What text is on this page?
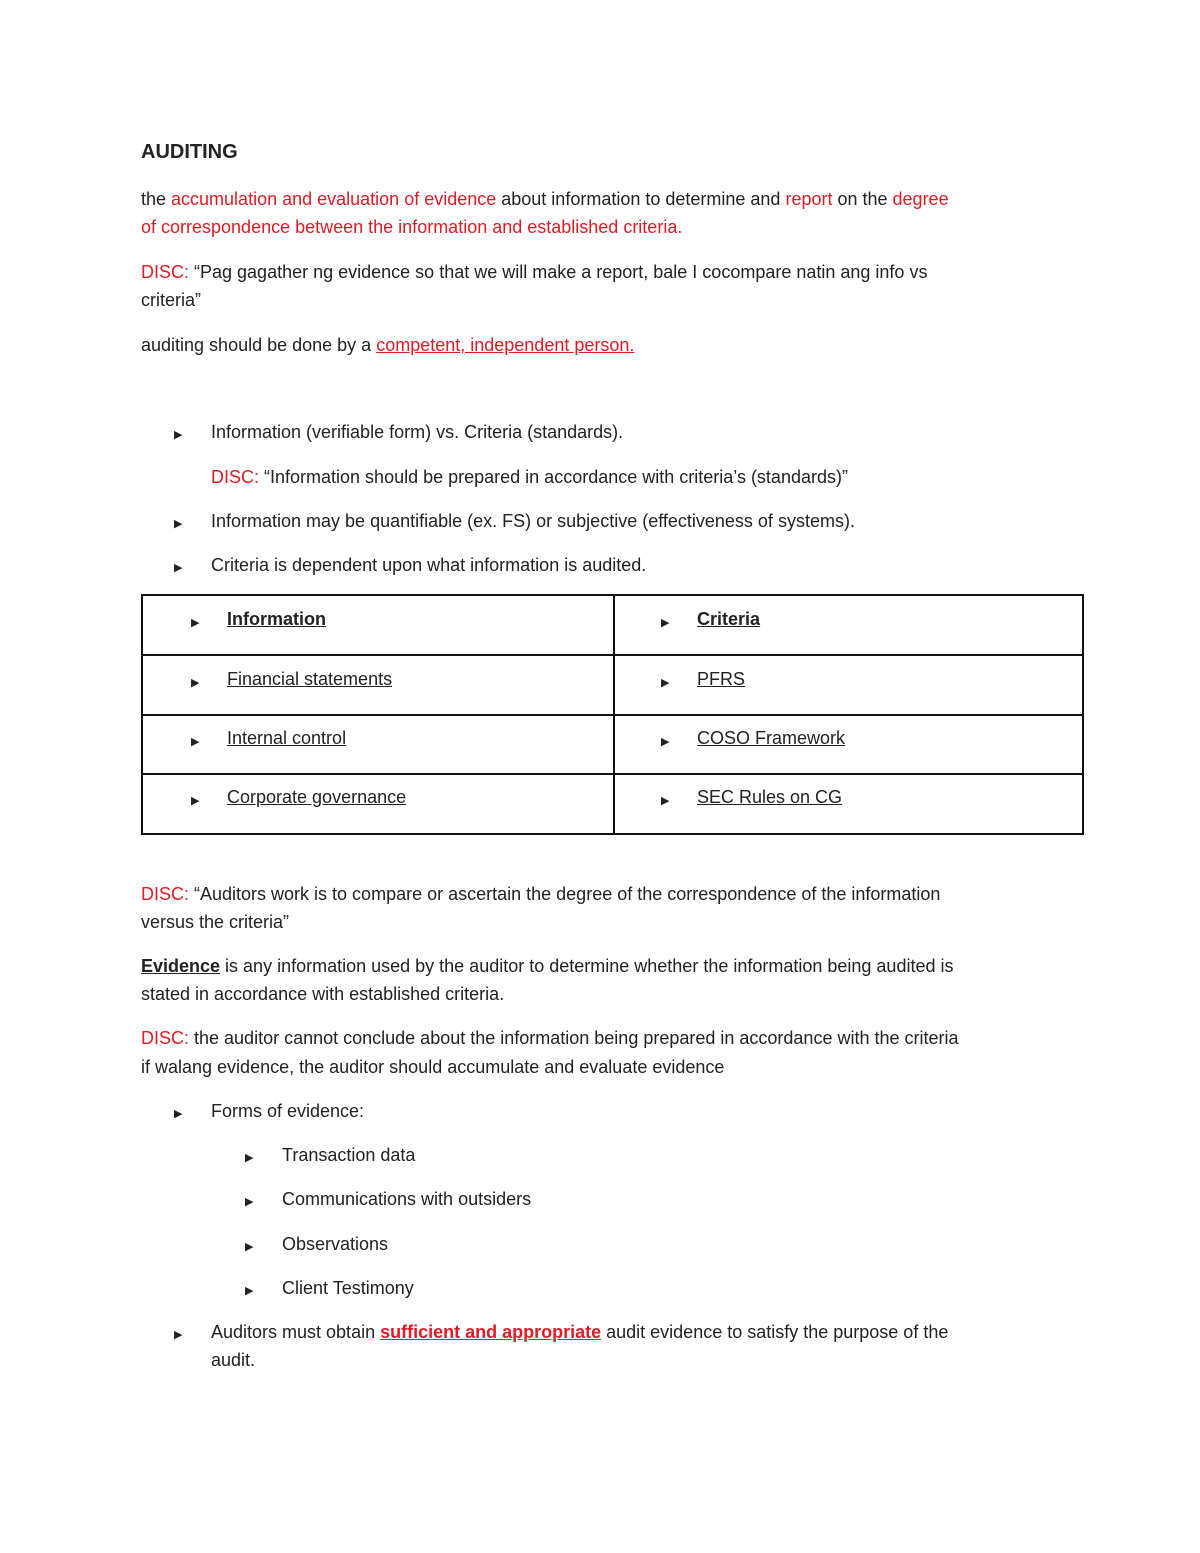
AUDITING
the accumulation and evaluation of evidence about information to determine and report on the degree
of correspondence between the information and established criteria.
DISC: “Pag gagather ng evidence so that we will make a report, bale I cocompare natin ang info vs
criteria”
auditing should be done by a competent, independent person.
▶ Information (verifiable form) vs. Criteria (standards).
DISC: “Information should be prepared in accordance with criteria’s (standards)”
▶ Information may be quantifiable (ex. FS) or subjective (effectiveness of systems).
▶ Criteria is dependent upon what information is audited.
▶ Information	▶ Criteria
▶ Financial statements	▶ PFRS
▶ Internal control	▶ COSO Framework
▶ Corporate governance	▶ SEC Rules on CG
DISC: “Auditors work is to compare or ascertain the degree of the correspondence of the information
versus the criteria”
Evidence is any information used by the auditor to determine whether the information being audited is
stated in accordance with established criteria.
DISC: the auditor cannot conclude about the information being prepared in accordance with the criteria
if walang evidence, the auditor should accumulate and evaluate evidence
▶ Forms of evidence:
▶ Transaction data
▶ Communications with outsiders
▶ Observations
▶ Client Testimony
▶ Auditors must obtain sufficient and appropriate audit evidence to satisfy the purpose of the
audit.
